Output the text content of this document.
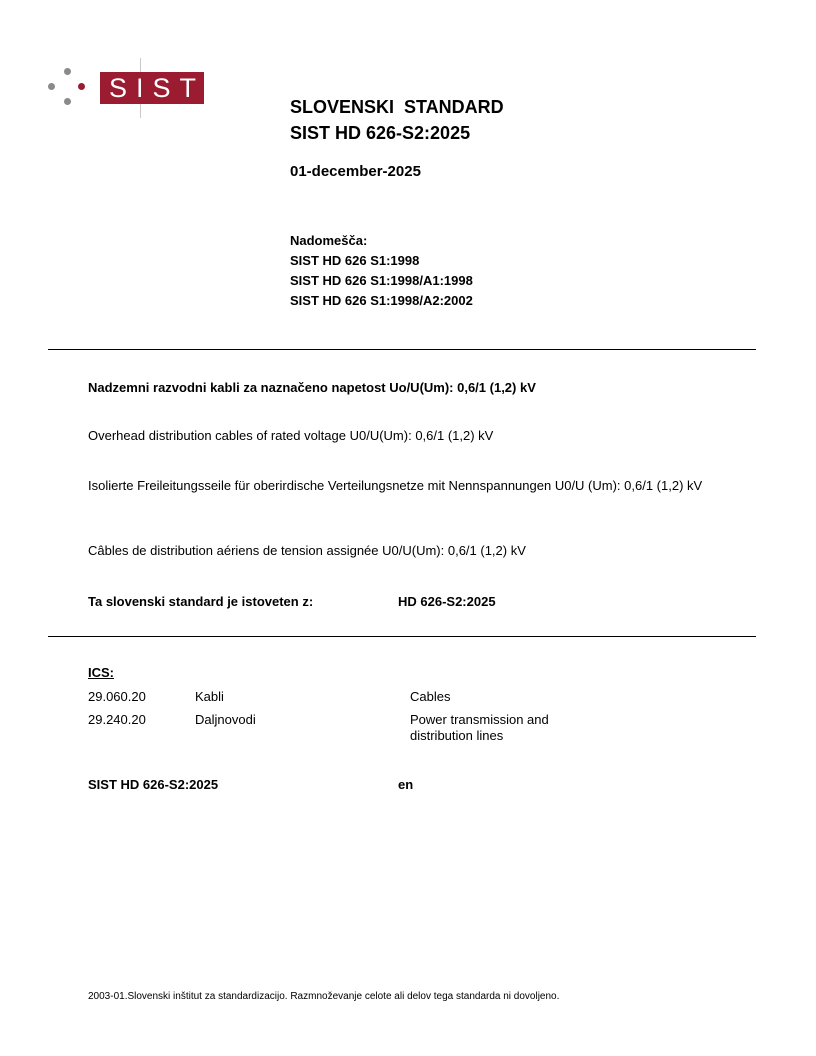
SIST
SLOVENSKI  STANDARD
SIST HD 626-S2:2025
01-december-2025
Nadomešča:
SIST HD 626 S1:1998
SIST HD 626 S1:1998/A1:1998
SIST HD 626 S1:1998/A2:2002
Nadzemni razvodni kabli za naznačeno napetost Uo/U(Um): 0,6/1 (1,2) kV
Overhead distribution cables of rated voltage U0/U(Um): 0,6/1 (1,2) kV
Isolierte Freileitungsseile für oberirdische Verteilungsnetze mit Nennspannungen U0/U (Um): 0,6/1 (1,2) kV
Câbles de distribution aériens de tension assignée U0/U(Um): 0,6/1 (1,2) kV
Ta slovenski standard je istoveten z:	HD 626-S2:2025
ICS:
29.060.20	Kabli	Cables
29.240.20	Daljnovodi	Power transmission and distribution lines
SIST HD 626-S2:2025	en
2003-01.Slovenski inštitut za standardizacijo. Razmnoževanje celote ali delov tega standarda ni dovoljeno.
